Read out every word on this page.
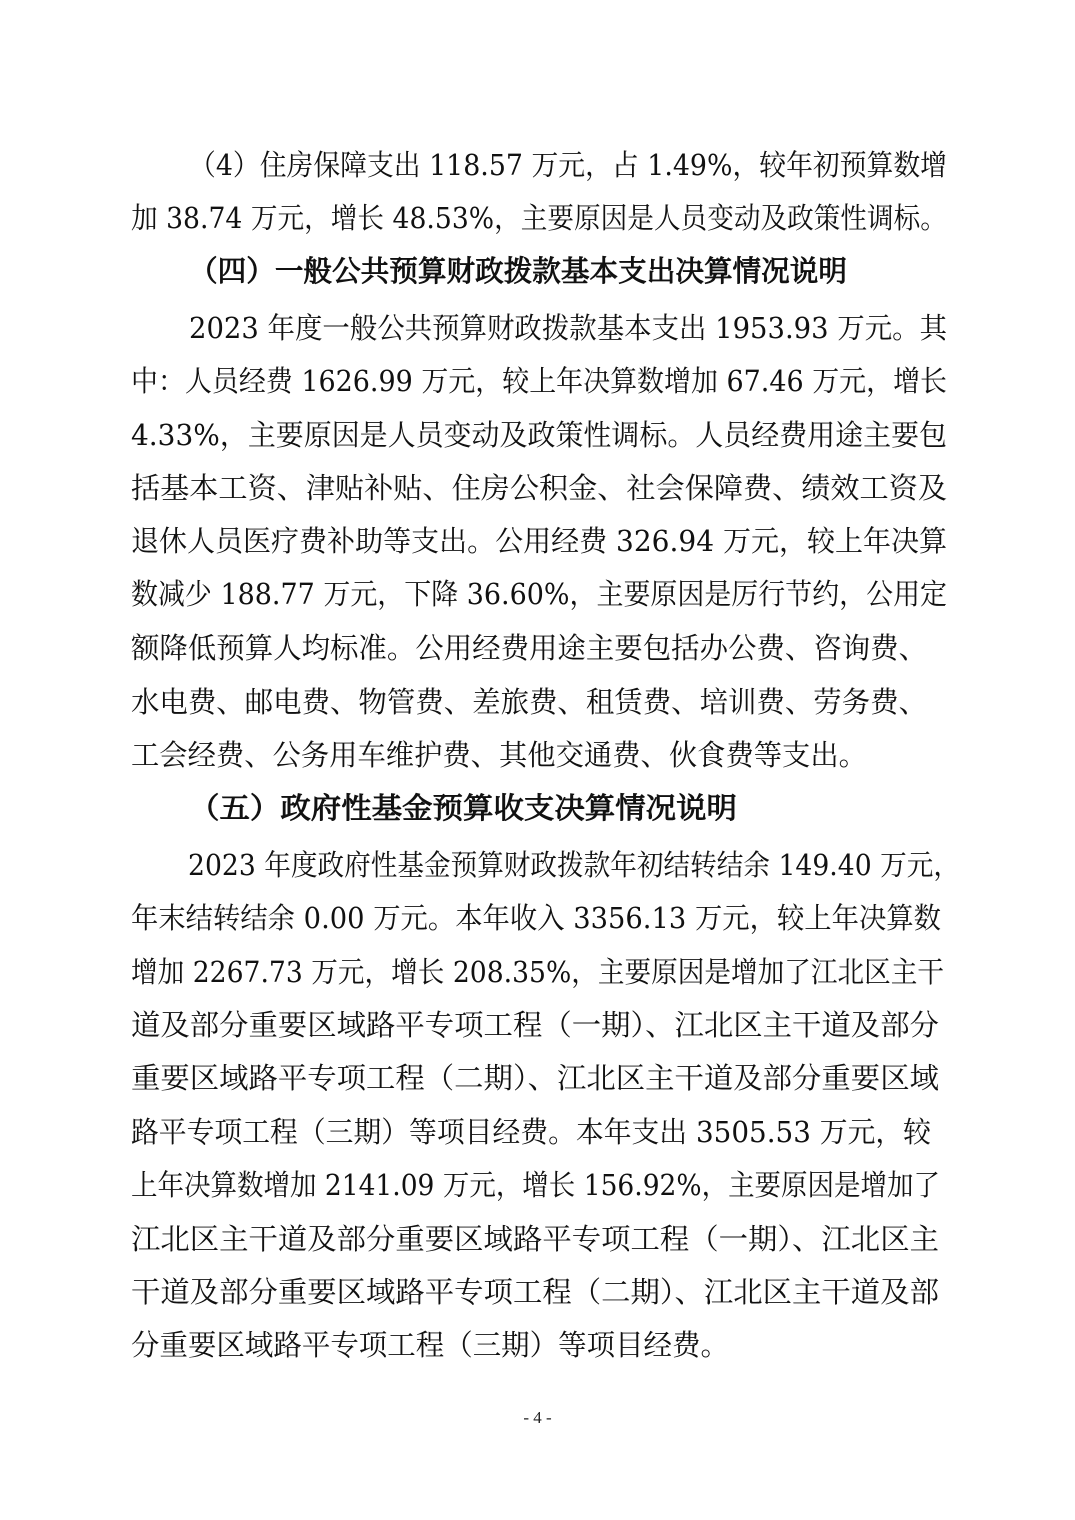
（4）住房保障支出 118.57 万元，占 1.49%，较年初预算数增
加 38.74 万元，增长 48.53%，主要原因是人员变动及政策性调标。
（四）一般公共预算财政拨款基本支出决算情况说明
2023 年度一般公共预算财政拨款基本支出 1953.93 万元。其
中：人员经费 1626.99 万元，较上年决算数增加 67.46 万元，增长
4.33%，主要原因是人员变动及政策性调标。人员经费用途主要包
括基本工资、津贴补贴、住房公积金、社会保障费、绩效工资及
退休人员医疗费补助等支出。公用经费 326.94 万元，较上年决算
数减少 188.77 万元，下降 36.60%，主要原因是厉行节约，公用定
额降低预算人均标准。公用经费用途主要包括办公费、咨询费、
水电费、邮电费、物管费、差旅费、租赁费、培训费、劳务费、
工会经费、公务用车维护费、其他交通费、伙食费等支出。
（五）政府性基金预算收支决算情况说明
2023 年度政府性基金预算财政拨款年初结转结余 149.40 万元，
年末结转结余 0.00 万元。本年收入 3356.13 万元，较上年决算数
增加 2267.73 万元，增长 208.35%，主要原因是增加了江北区主干
道及部分重要区域路平专项工程（一期）、江北区主干道及部分
重要区域路平专项工程（二期）、江北区主干道及部分重要区域
路平专项工程（三期）等项目经费。本年支出 3505.53 万元，较
上年决算数增加 2141.09 万元，增长 156.92%，主要原因是增加了
江北区主干道及部分重要区域路平专项工程（一期）、江北区主
干道及部分重要区域路平专项工程（二期）、江北区主干道及部
分重要区域路平专项工程（三期）等项目经费。
- 4 -
